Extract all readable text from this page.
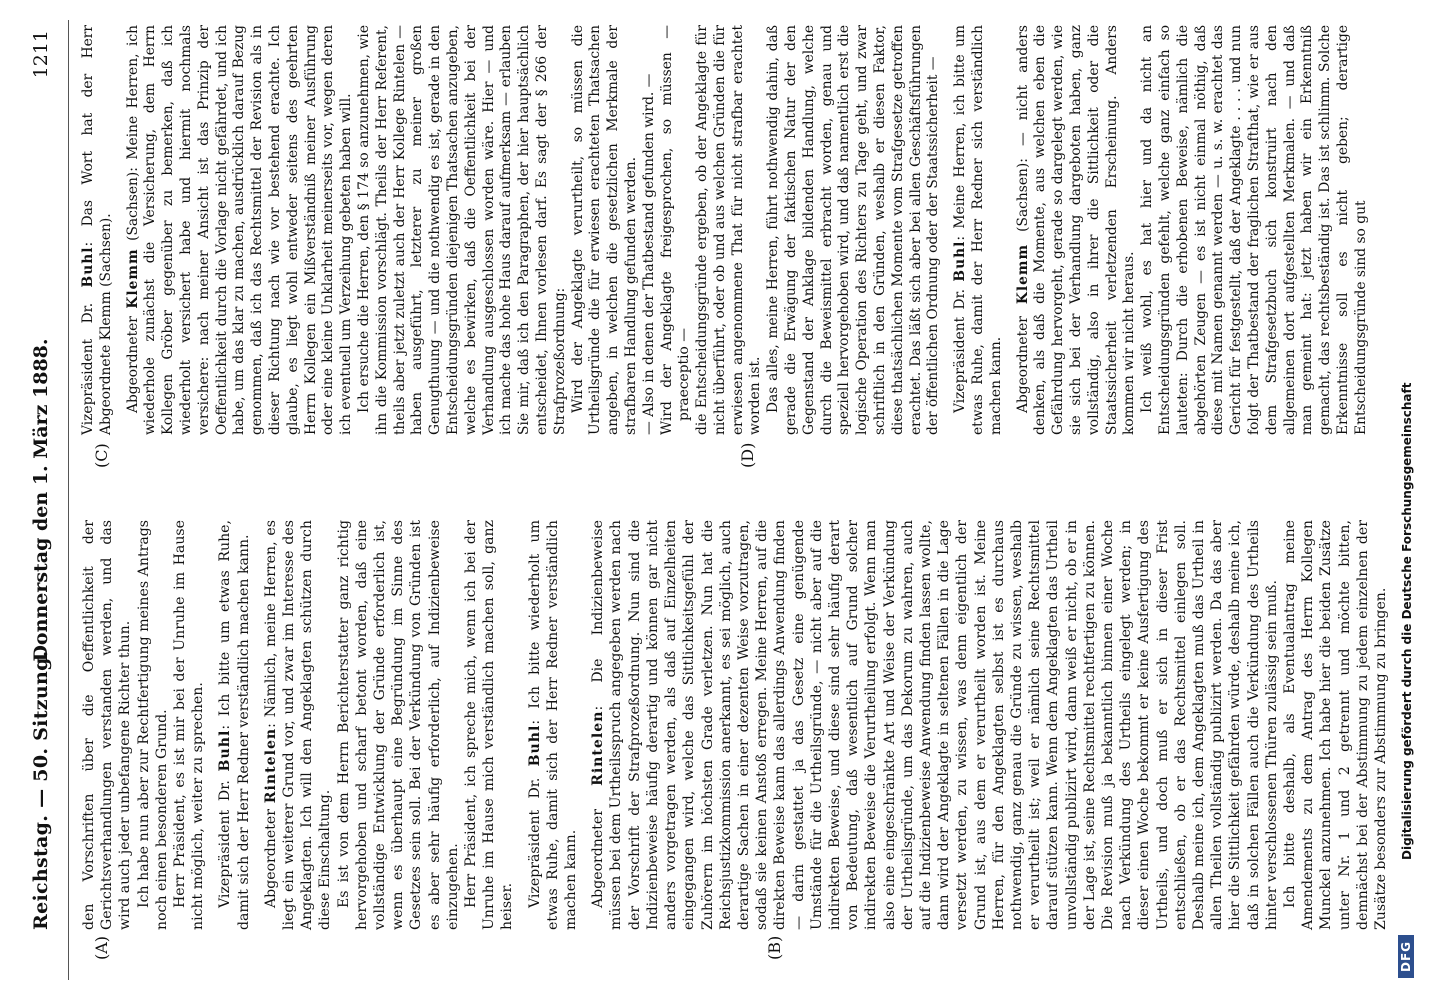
Reichstag. — 50. Sitzung.
Donnerstag den 1. März 1888.
1211
(A)	(B)
(C)	(D)

den Vorschriften über die Oeffentlichkeit der Gerichtsverhandlungen verstanden werden, und das wird auch jeder unbefangene Richter thun. Ich habe nun aber zur Rechtfertigung meines Antrags noch einen besonderen Grund. Herr Präsident, es ist mir bei der Unruhe im Hause nicht möglich, weiter zu sprechen. Vizepräsident Dr. Buhl: Ich bitte um etwas Ruhe, damit sich der Herr Redner verständlich machen kann. Abgeordneter Rintelen: Nämlich, meine Herren, es liegt ein weiterer Grund vor, und zwar im Interesse des Angeklagten. Ich will den Angeklagten schützen durch diese Einschaltung. Es ist von dem Herrn Berichterstatter ganz richtig hervorgehoben und scharf betont worden, daß eine vollständige Entwicklung der Gründe erforderlich ist, wenn es überhaupt eine Begründung im Sinne des Gesetzes sein soll. Bei der Verkündung von Gründen ist es aber sehr häufig erforderlich, auf Indizienbeweise einzugehen. Herr Präsident, ich spreche mich, wenn ich bei der Unruhe im Hause mich verständlich machen soll, ganz heiser. Vizepräsident Dr. Buhl: Ich bitte wiederholt um etwas Ruhe, damit sich der Herr Redner verständlich machen kann. Abgeordneter Rintelen: Die Indizienbeweise müssen bei dem Urtheilsspruch angegeben werden nach der Vorschrift der Strafprozeßordnung. Nun sind die Indizienbeweise häufig derartig und können gar nicht anders vorgetragen werden, als daß auf Einzelheiten eingegangen wird, welche das Sittlichkeitsgefühl der Zuhörern im höchsten Grade verletzen. Nun hat die Reichsjustizkommission anerkannt, es sei möglich, auch derartige Sachen in einer dezenten Weise vorzutragen, sodaß sie keinen Anstoß erregen. Meine Herren, auf die direkten Beweise kann das allerdings Anwendung finden — darin gestattet ja das Gesetz eine genügende Umstände für die Urtheilsgründe, — nicht aber auf die indirekten Beweise, und diese sind sehr häufig derart von Bedeutung, daß wesentlich auf Grund solcher indirekten Beweise die Verurtheilung erfolgt. Wenn man also eine eingeschränkte Art und Weise der Verkündung der Urtheilsgründe, um das Dekorum zu wahren, auch auf die Indizienbeweise Anwendung finden lassen wollte, dann wird der Angeklagte in seltenen Fällen in die Lage versetzt werden, zu wissen, was denn eigentlich der Grund ist, aus dem er verurtheilt worden ist. Meine Herren, für den Angeklagten selbst ist es durchaus nothwendig, ganz genau die Gründe zu wissen, weshalb er verurtheilt ist; weil er nämlich seine Rechtsmittel darauf stützen kann. Wenn dem Angeklagten das Urtheil unvollständig publizirt wird, dann weiß er nicht, ob er in der Lage ist, seine Rechtsmittel rechtfertigen zu können. Die Revision muß ja bekanntlich binnen einer Woche nach Verkündung des Urtheils eingelegt werden; in dieser einen Woche bekommt er keine Ausfertigung des Urtheils, und doch muß er sich in dieser Frist entschließen, ob er das Rechtsmittel einlegen soll. Deshalb meine ich, dem Angeklagten muß das Urtheil in allen Theilen vollständig publizirt werden. Da das aber hier die Sittlichkeit gefährden würde, deshalb meine ich, daß in solchen Fällen auch die Verkündung des Urtheils hinter verschlossenen Thüren zulässig sein muß. Ich bitte deshalb, als Eventualantrag meine Amendements zu dem Antrag des Herrn Kollegen Munckel anzunehmen. Ich habe hier die beiden Zusätze unter Nr. 1 und 2 getrennt und möchte bitten, demnächst bei der Abstimmung zu jedem einzelnen der Zusätze besonders zur Abstimmung zu bringen.

Vizepräsident Dr. Buhl: Das Wort hat der Herr Abgeordnete Klemm (Sachsen). Abgeordneter Klemm (Sachsen): Meine Herren, ich wiederhole zunächst die Versicherung, dem Herrn Kollegen Gröber gegenüber zu bemerken, daß ich wiederholt versichert habe und hiermit nochmals versichere: nach meiner Ansicht ist das Prinzip der Oeffentlichkeit durch die Vorlage nicht gefährdet, und ich habe, um das klar zu machen, ausdrücklich darauf Bezug genommen, daß ich das Rechtsmittel der Revision als in dieser Richtung nach wie vor bestehend erachte. Ich glaube, es liegt wohl entweder seitens des geehrten Herrn Kollegen ein Mißverständniß meiner Ausführung oder eine kleine Unklarheit meinerseits vor, wegen deren ich eventuell um Verzeihung gebeten haben will. Ich ersuche die Herren, den § 174 so anzunehmen, wie ihn die Kommission vorschlägt. Theils der Herr Referent, theils aber jetzt zuletzt auch der Herr Kollege Rintelen — haben ausgeführt, letzterer zu meiner großen Genugthuung — und die nothwendig es ist, gerade in den Entscheidungsgründen diejenigen Thatsachen anzugeben, welche es bewirken, daß die Oeffentlichkeit bei der Verhandlung ausgeschlossen worden wäre. Hier — und ich mache das hohe Haus darauf aufmerksam — erlauben Sie mir, daß ich den Paragraphen, der hier hauptsächlich entscheidet, Ihnen vorlesen darf. Es sagt der § 266 der Strafprozeßordnung: Wird der Angeklagte verurtheilt, so müssen die Urtheilsgründe die für erwiesen erachteten Thatsachen angeben, in welchen die gesetzlichen Merkmale der strafbaren Handlung gefunden werden. — Also in denen der Thatbestand gefunden wird. — Wird der Angeklagte freigesprochen, so müssen — praeceptio — die Entscheidungsgründe ergeben, ob der Angeklagte für nicht überführt, oder ob und aus welchen Gründen die für erwiesen angenommene That für nicht strafbar erachtet worden ist. Das alles, meine Herren, führt nothwendig dahin, daß gerade die Erwägung der faktischen Natur der den Gegenstand der Anklage bildenden Handlung, welche durch die Beweismittel erbracht worden, genau und speziell hervorgehoben wird, und daß namentlich erst die logische Operation des Richters zu Tage geht, und zwar schriftlich in den Gründen, weshalb er diesen Faktor, diese thatsächlichen Momente vom Strafgesetze getroffen erachtet. Das läßt sich aber bei allen Geschäftsführungen der öffentlichen Ordnung oder der Staatssicherheit — Vizepräsident Dr. Buhl: Meine Herren, ich bitte um etwas Ruhe, damit der Herr Redner sich verständlich machen kann. Abgeordneter Klemm (Sachsen): — nicht anders denken, als daß die Momente, aus welchen eben die Gefährdung hervorgeht, gerade so dargelegt werden, wie sie sich bei der Verhandlung dargeboten haben, ganz vollständig, also in ihrer die Sittlichkeit oder die Staatssicherheit verletzenden Erscheinung. Anders kommen wir nicht heraus. Ich weiß wohl, es hat hier und da nicht an Entscheidungsgründen gefehlt, welche ganz einfach so lauteten: Durch die erhobenen Beweise, nämlich die abgehörten Zeugen — es ist nicht einmal nöthig, daß diese mit Namen genannt werden — u. s. w. erachtet das Gericht für festgestellt, daß der Angeklagte . . . . und nun folgt der Thatbestand der fraglichen Strafthat, wie er aus dem Strafgesetzbuch sich konstruirt nach den allgemeinen dort aufgestellten Merkmalen. — und daß man gemeint hat: jetzt haben wir ein Erkenntniß gemacht, das rechtsbeständig ist. Das ist schlimm. Solche Erkenntnisse soll es nicht geben; derartige Entscheidungsgründe sind so gut

DFG
Digitalisierung gefördert durch die Deutsche Forschungsgemeinschaft
